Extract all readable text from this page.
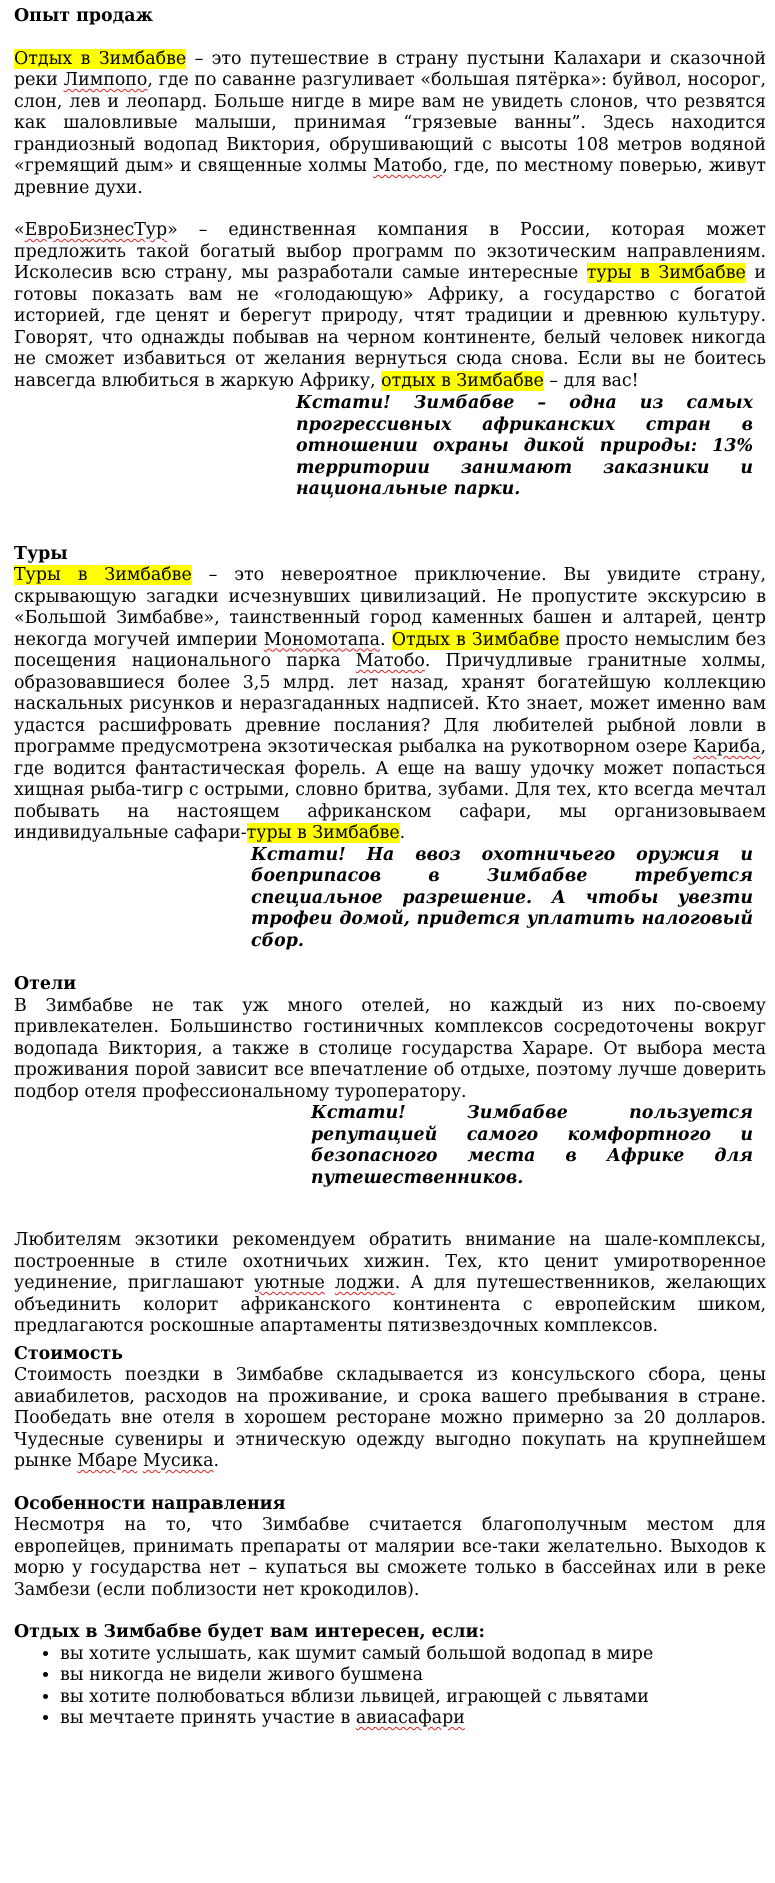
Опыт продаж

Отдых в Зимбабве – это путешествие в страну пустыни Калахари и сказочной реки Лимпопо, где по саванне разгуливает «большая пятёрка»: буйвол, носорог, слон, лев и леопард. Больше нигде в мире вам не увидеть слонов, что резвятся как шаловливые малыши, принимая “грязевые ванны”. Здесь находится грандиозный водопад Виктория, обрушивающий с высоты 108 метров водяной «гремящий дым» и священные холмы Матобо, где, по местному поверью, живут древние духи.

«ЕвроБизнесТур» – единственная компания в России, которая может предложить такой богатый выбор программ по экзотическим направлениям. Исколесив всю страну, мы разработали самые интересные туры в Зимбабве и готовы показать вам не «голодающую» Африку, а государство с богатой историей, где ценят и берегут природу, чтят традиции и древнюю культуру. Говорят, что однажды побывав на черном континенте, белый человек никогда не сможет избавиться от желания вернуться сюда снова. Если вы не боитесь навсегда влюбиться в жаркую Африку, отдых в Зимбабве – для вас!

Кстати! Зимбабве – одна из самых прогрессивных африканских стран в отношении охраны дикой природы: 13% территории занимают заказники и национальные парки.

Туры

Туры в Зимбабве – это невероятное приключение. Вы увидите страну, скрывающую загадки исчезнувших цивилизаций. Не пропустите экскурсию в «Большой Зимбабве», таинственный город каменных башен и алтарей, центр некогда могучей империи Мономотапа. Отдых в Зимбабве просто немыслим без посещения национального парка Матобо. Причудливые гранитные холмы, образовавшиеся более 3,5 млрд. лет назад, хранят богатейшую коллекцию наскальных рисунков и неразгаданных надписей. Кто знает, может именно вам удастся расшифровать древние послания? Для любителей рыбной ловли в программе предусмотрена экзотическая рыбалка на рукотворном озере Кариба, где водится фантастическая форель. А еще на вашу удочку может попасться хищная рыба-тигр с острыми, словно бритва, зубами. Для тех, кто всегда мечтал побывать на настоящем африканском сафари, мы организовываем индивидуальные сафари-туры в Зимбабве.

Кстати! На ввоз охотничьего оружия и боеприпасов в Зимбабве требуется специальное разрешение. А чтобы увезти трофеи домой, придется уплатить налоговый сбор.

Отели

В Зимбабве не так уж много отелей, но каждый из них по-своему привлекателен. Большинство гостиничных комплексов сосредоточены вокруг водопада Виктория, а также в столице государства Хараре. От выбора места проживания порой зависит все впечатление об отдыхе, поэтому лучше доверить подбор отеля профессиональному туроператору.

Кстати! Зимбабве пользуется репутацией самого комфортного и безопасного места в Африке для путешественников.

Любителям экзотики рекомендуем обратить внимание на шале-комплексы, построенные в стиле охотничьих хижин. Тех, кто ценит умиротворенное уединение, приглашают уютные лоджи. А для путешественников, желающих объединить колорит африканского континента с европейским шиком, предлагаются роскошные апартаменты пятизвездочных комплексов.

Стоимость

Стоимость поездки в Зимбабве складывается из консульского сбора, цены авиабилетов, расходов на проживание, и срока вашего пребывания в стране. Пообедать вне отеля в хорошем ресторане можно примерно за 20 долларов. Чудесные сувениры и этническую одежду выгодно покупать на крупнейшем рынке Мбаре Мусика.

Особенности направления

Несмотря на то, что Зимбабве считается благополучным местом для европейцев, принимать препараты от малярии все-таки желательно. Выходов к морю у государства нет – купаться вы сможете только в бассейнах или в реке Замбези (если поблизости нет крокодилов).

Отдых в Зимбабве будет вам интересен, если:
• вы хотите услышать, как шумит самый большой водопад в мире
• вы никогда не видели живого бушмена
• вы хотите полюбоваться вблизи львицей, играющей с львятами
• вы мечтаете принять участие в авиасафари
